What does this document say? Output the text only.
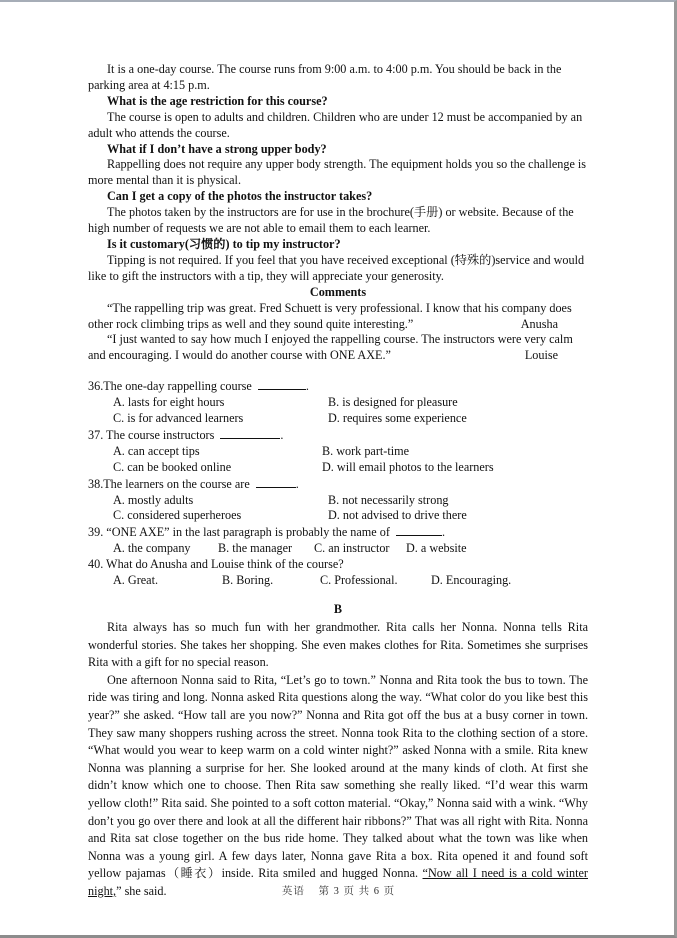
It is a one-day course. The course runs from 9:00 a.m. to 4:00 p.m. You should be back in the parking area at 4:15 p.m.

What is the age restriction for this course?

The course is open to adults and children. Children who are under 12 must be accompanied by an adult who attends the course.

What if I don’t have a strong upper body?

Rappelling does not require any upper body strength. The equipment holds you so the challenge is more mental than it is physical.

Can I get a copy of the photos the instructor takes?

The photos taken by the instructors are for use in the brochure(手册) or website. Because of the high number of requests we are not able to email them to each learner.

Is it customary(习惯的) to tip my instructor?

Tipping is not required. If you feel that you have received exceptional (特殊的)service and would like to gift the instructors with a tip, they will appreciate your generosity.

Comments

“The rappelling trip was great. Fred Schuett is very professional. I know that his company does other rock climbing trips as well and they sound quite interesting.”	Anusha
“I just wanted to say how much I enjoyed the rappelling course. The instructors were very calm and encouraging. I would do another course with ONE AXE.”	Louise

36.The one-day rappelling course	.

A. lasts for eight hours	B. is designed for pleasure
C. is for advanced learners	D. requires some experience

37. The course instructors	.

A. can accept tips	B. work part-time
C. can be booked online	D. will email photos to the learners

38.The learners on the course are	.

A. mostly adults	B. not necessarily strong
C. considered superheroes	D. not advised to drive there

39. “ONE AXE” in the last paragraph is probably the name of	.

A. the company B. the manager C. an instructor D. a website

40. What do Anusha and Louise think of the course?

A. Great.	B. Boring.	C. Professional.	D. Encouraging.

B

Rita always has so much fun with her grandmother. Rita calls her Nonna. Nonna tells Rita wonderful stories. She takes her shopping. She even makes clothes for Rita. Sometimes she surprises Rita with a gift for no special reason.

One afternoon Nonna said to Rita, “Let’s go to town.” Nonna and Rita took the bus to town. The ride was tiring and long. Nonna asked Rita questions along the way. “What color do you like best this year?” she asked. “How tall are you now?” Nonna and Rita got off the bus at a busy corner in town. They saw many shoppers rushing across the street. Nonna took Rita to the clothing section of a store. “What would you wear to keep warm on a cold winter night?” asked Nonna with a smile. Rita knew Nonna was planning a surprise for her. She looked around at the many kinds of cloth. At first she didn’t know which one to choose. Then Rita saw something she really liked. “I’d wear this warm yellow cloth!” Rita said. She pointed to a soft cotton material. “Okay,” Nonna said with a wink. “Why don’t you go over there and look at all the different hair ribbons?” That was all right with Rita. Nonna and Rita sat close together on the bus ride home. They talked about what the town was like when Nonna was a young girl. A few days later, Nonna gave Rita a box. Rita opened it and found soft yellow pajamas（睡衣）inside. Rita smiled and hugged Nonna. “Now all I need is a cold winter night,” she said.	英语 第 3 页 共 6 页
